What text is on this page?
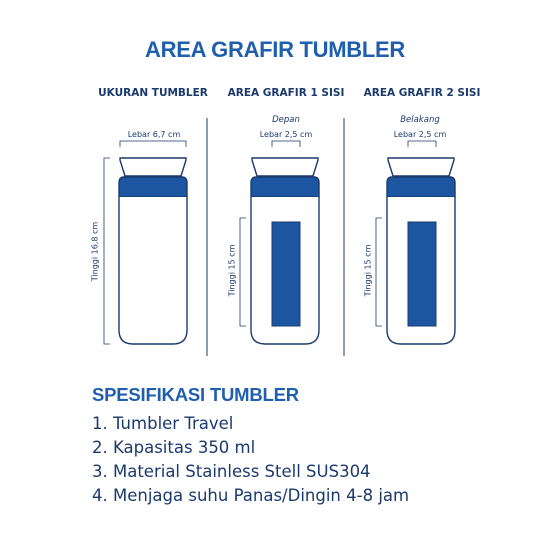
AREA GRAFIR TUMBLER
UKURAN TUMBLER	AREA GRAFIR 1 SISI AREA GRAFIR 2 SISI
Depan	Belakang
Lebar 6,7 cm	Lebar 2,5 cm	Lebar 2,5 cm
Tinggi 16,8 cm	Tinggi 15 cm	Tinggi 15 cm
SPESIFIKASI TUMBLER
1. Tumbler Travel
2. Kapasitas 350 ml
3. Material Stainless Stell SUS304
4. Menjaga suhu Panas/Dingin 4-8 jam
